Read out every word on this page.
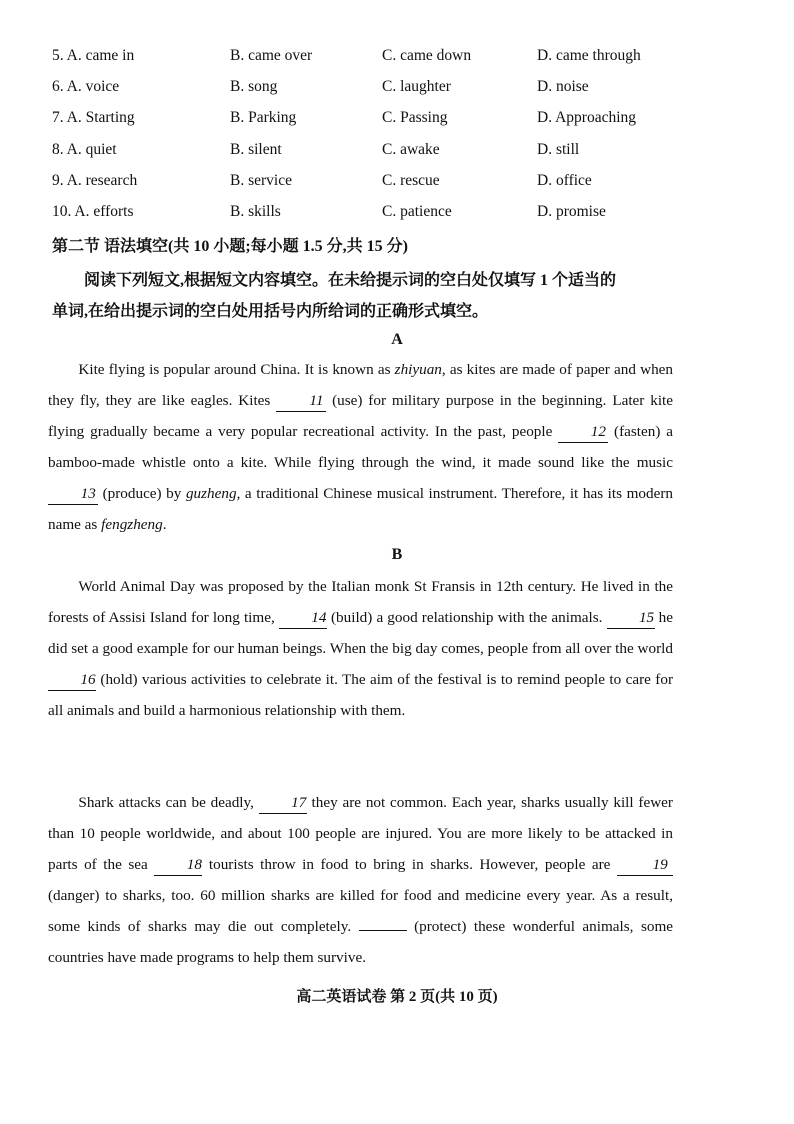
5. A. came in	B. came over	C. came down	D. came through
6. A. voice	B. song	C. laughter	D. noise
7. A. Starting	B. Parking	C. Passing	D. Approaching
8. A. quiet	B. silent	C. awake	D. still
9. A. research	B. service	C. rescue	D. office
10. A. efforts	B. skills	C. patience	D. promise
第二节 语法填空(共 10 小题;每小题 1.5 分,共 15 分)
阅读下列短文,根据短文内容填空。在未给提示词的空白处仅填写 1 个适当的
单词,在给出提示词的空白处用括号内所给词的正确形式填空。
A

Kite flying is popular around China. It is known as zhiyuan, as kites are made of paper and when they fly, they are like eagles. Kites 11 (use) for military purpose in the beginning. Later kite flying gradually became a very popular recreational activity. In the past, people 12 (fasten) a bamboo-made whistle onto a kite. While flying through the wind, it made sound like the music 13 (produce) by guzheng, a traditional Chinese musical instrument. Therefore, it has its modern name as fengzheng.

B

World Animal Day was proposed by the Italian monk St Fransis in 12th century. He lived in the forests of Assisi Island for long time, 14 (build) a good relationship with the animals. 15 he did set a good example for our human beings. When the big day comes, people from all over the world 16 (hold) various activities to celebrate it. The aim of the festival is to remind people to care for all animals and build a harmonious relationship with them.

Shark attacks can be deadly, 17 they are not common. Each year, sharks usually kill fewer than 10 people worldwide, and about 100 people are injured. You are more likely to be attacked in parts of the sea 18 tourists throw in food to bring in sharks. However, people are 19 (danger) to sharks, too. 60 million sharks are killed for food and medicine every year. As a result, some kinds of sharks may die out completely.	(protect) these wonderful animals, some countries have made programs to help them survive.

高二英语试卷 第 2 页(共 10 页)
